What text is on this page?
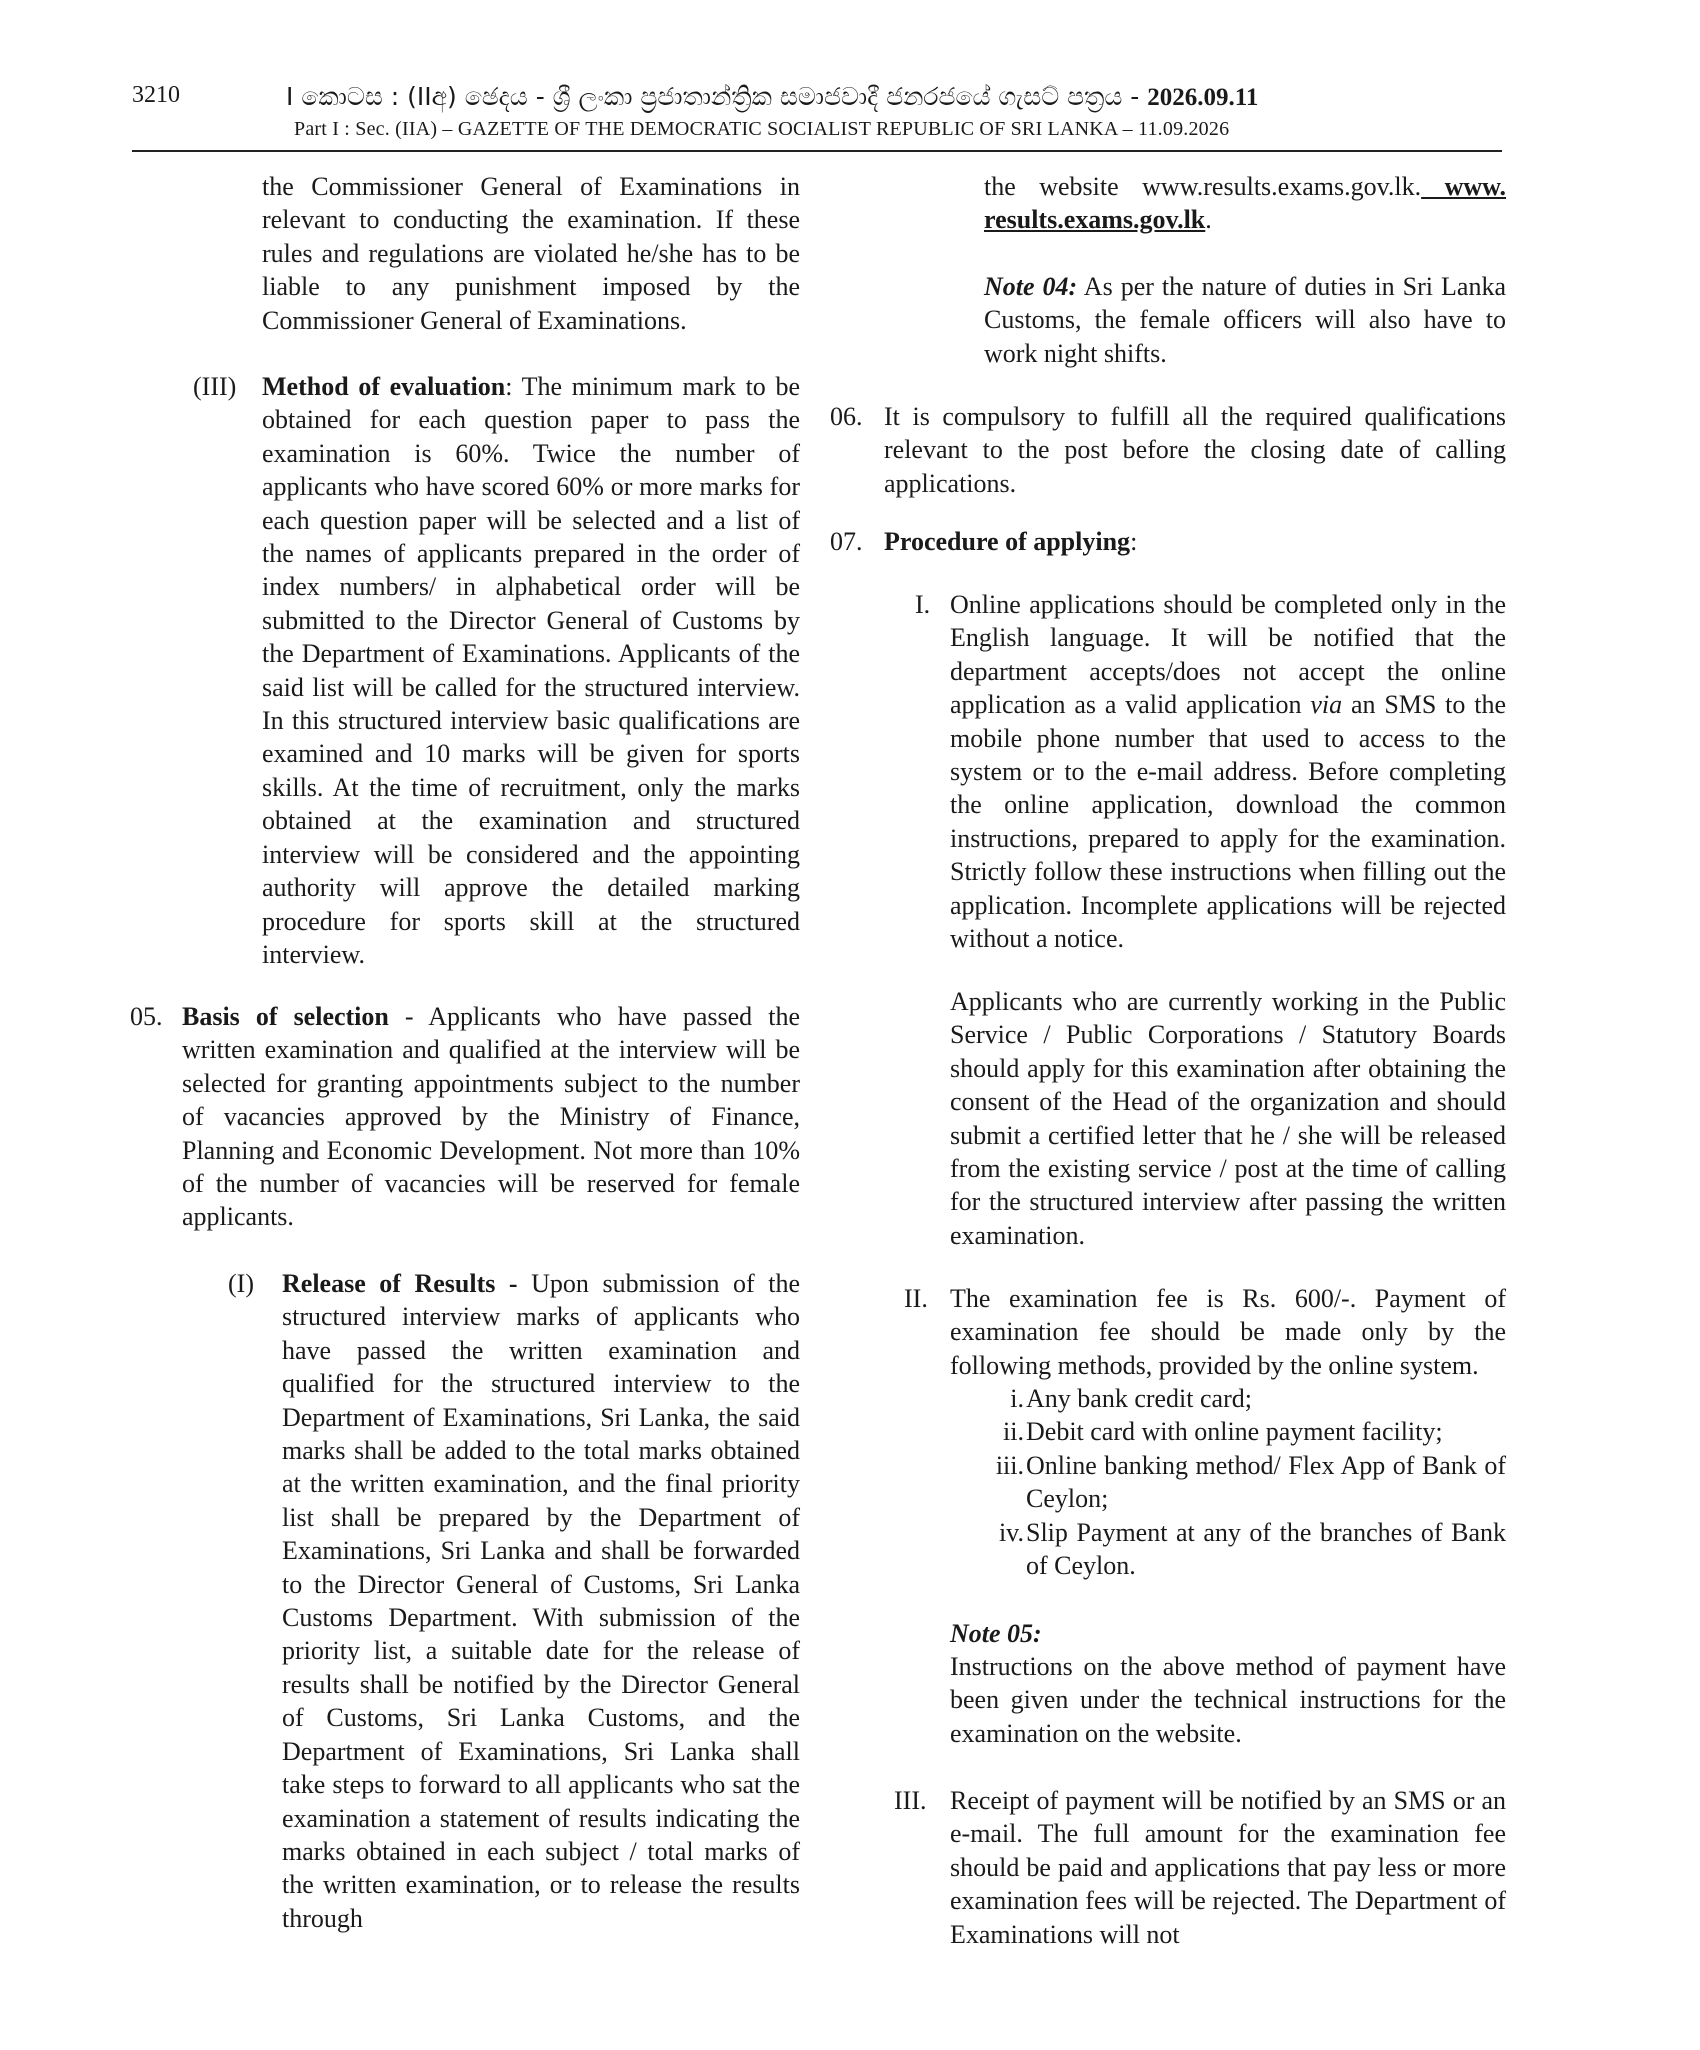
3210	I කොටස : (IIඅ) ඡෙදය - ශ්‍රී ලංකා ප්‍රජාතාන්ත්‍රික සමාජවාදී ජනරජයේ ගැසට් පත්‍රය - 2026.09.11
Part I : Sec. (IIA) – GAZETTE OF THE DEMOCRATIC SOCIALIST REPUBLIC OF SRI LANKA – 11.09.2026
the Commissioner General of Examinations in relevant to conducting the examination. If these rules and regulations are violated he/she has to be liable to any punishment imposed by the Commissioner General of Examinations.
(III) Method of evaluation: The minimum mark to be obtained for each question paper to pass the examination is 60%. Twice the number of applicants who have scored 60% or more marks for each question paper will be selected and a list of the names of applicants prepared in the order of index numbers/ in alphabetical order will be submitted to the Director General of Customs by the Department of Examinations. Applicants of the said list will be called for the structured interview. In this structured interview basic qualifications are examined and 10 marks will be given for sports skills. At the time of recruitment, only the marks obtained at the examination and structured interview will be considered and the appointing authority will approve the detailed marking procedure for sports skill at the structured interview.
05. Basis of selection - Applicants who have passed the written examination and qualified at the interview will be selected for granting appointments subject to the number of vacancies approved by the Ministry of Finance, Planning and Economic Development. Not more than 10% of the number of vacancies will be reserved for female applicants.
(I) Release of Results - Upon submission of the structured interview marks of applicants who have passed the written examination and qualified for the structured interview to the Department of Examinations, Sri Lanka, the said marks shall be added to the total marks obtained at the written examination, and the final priority list shall be prepared by the Department of Examinations, Sri Lanka and shall be forwarded to the Director General of Customs, Sri Lanka Customs Department. With submission of the priority list, a suitable date for the release of results shall be notified by the Director General of Customs, Sri Lanka Customs, and the Department of Examinations, Sri Lanka shall take steps to forward to all applicants who sat the examination a statement of results indicating the marks obtained in each subject / total marks of the written examination, or to release the results through
the website www.results.exams.gov.lk. www. results.exams.gov.lk.
Note 04: As per the nature of duties in Sri Lanka Customs, the female officers will also have to work night shifts.
06. It is compulsory to fulfill all the required qualifications relevant to the post before the closing date of calling applications.
07. Procedure of applying:
I. Online applications should be completed only in the English language. It will be notified that the department accepts/does not accept the online application as a valid application via an SMS to the mobile phone number that used to access to the system or to the e-mail address. Before completing the online application, download the common instructions, prepared to apply for the examination. Strictly follow these instructions when filling out the application. Incomplete applications will be rejected without a notice.
Applicants who are currently working in the Public Service / Public Corporations / Statutory Boards should apply for this examination after obtaining the consent of the Head of the organization and should submit a certified letter that he / she will be released from the existing service / post at the time of calling for the structured interview after passing the written examination.
II. The examination fee is Rs. 600/-. Payment of examination fee should be made only by the following methods, provided by the online system.
i. Any bank credit card;
ii. Debit card with online payment facility;
iii. Online banking method/ Flex App of Bank of Ceylon;
iv. Slip Payment at any of the branches of Bank of Ceylon.
Note 05:
Instructions on the above method of payment have been given under the technical instructions for the examination on the website.
III. Receipt of payment will be notified by an SMS or an e-mail. The full amount for the examination fee should be paid and applications that pay less or more examination fees will be rejected. The Department of Examinations will not
